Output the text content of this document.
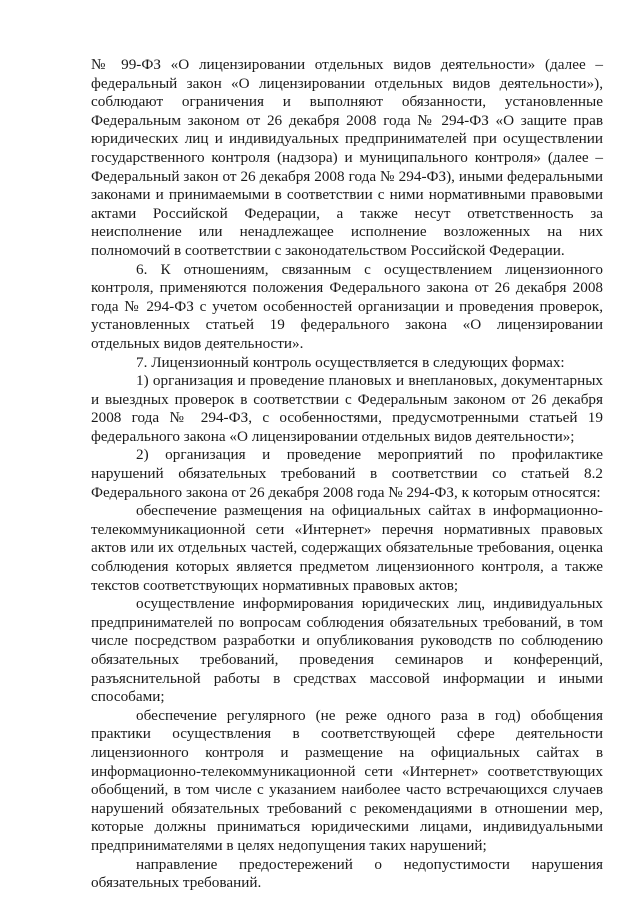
№ 99-ФЗ «О лицензировании отдельных видов деятельности» (далее – федеральный закон «О лицензировании отдельных видов деятельности»), соблюдают ограничения и выполняют обязанности, установленные Федеральным законом от 26 декабря 2008 года № 294-ФЗ «О защите прав юридических лиц и индивидуальных предпринимателей при осуществлении государственного контроля (надзора) и муниципального контроля» (далее – Федеральный закон от 26 декабря 2008 года № 294-ФЗ), иными федеральными законами и принимаемыми в соответствии с ними нормативными правовыми актами Российской Федерации, а также несут ответственность за неисполнение или ненадлежащее исполнение возложенных на них полномочий в соответствии с законодательством Российской Федерации.

6. К отношениям, связанным с осуществлением лицензионного контроля, применяются положения Федерального закона от 26 декабря 2008 года № 294-ФЗ с учетом особенностей организации и проведения проверок, установленных статьей 19 федерального закона «О лицензировании отдельных видов деятельности».

7. Лицензионный контроль осуществляется в следующих формах:

1) организация и проведение плановых и внеплановых, документарных и выездных проверок в соответствии с Федеральным законом от 26 декабря 2008 года № 294-ФЗ, с особенностями, предусмотренными статьей 19 федерального закона «О лицензировании отдельных видов деятельности»;

2) организация и проведение мероприятий по профилактике нарушений обязательных требований в соответствии со статьей 8.2 Федерального закона от 26 декабря 2008 года № 294-ФЗ, к которым относятся:

обеспечение размещения на официальных сайтах в информационно-телекоммуникационной сети «Интернет» перечня нормативных правовых актов или их отдельных частей, содержащих обязательные требования, оценка соблюдения которых является предметом лицензионного контроля, а также текстов соответствующих нормативных правовых актов;

осуществление информирования юридических лиц, индивидуальных предпринимателей по вопросам соблюдения обязательных требований, в том числе посредством разработки и опубликования руководств по соблюдению обязательных требований, проведения семинаров и конференций, разъяснительной работы в средствах массовой информации и иными способами;

обеспечение регулярного (не реже одного раза в год) обобщения практики осуществления в соответствующей сфере деятельности лицензионного контроля и размещение на официальных сайтах в информационно-телекоммуникационной сети «Интернет» соответствующих обобщений, в том числе с указанием наиболее часто встречающихся случаев нарушений обязательных требований с рекомендациями в отношении мер, которые должны приниматься юридическими лицами, индивидуальными предпринимателями в целях недопущения таких нарушений;

направление предостережений о недопустимости нарушения обязательных требований.
